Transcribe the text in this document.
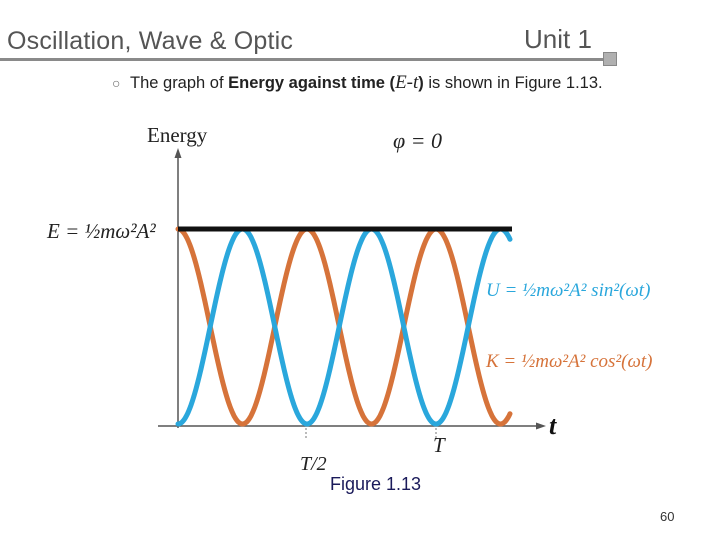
Oscillation, Wave & Optic	Unit 1
○ The graph of Energy against time (E-t) is shown in Figure 1.13.
Energy	φ = 0
t
T/2
T
E = ½mω²A²
U = ½mω²A² sin²(ωt)
K = ½mω²A² cos²(ωt)
Figure 1.13
60
